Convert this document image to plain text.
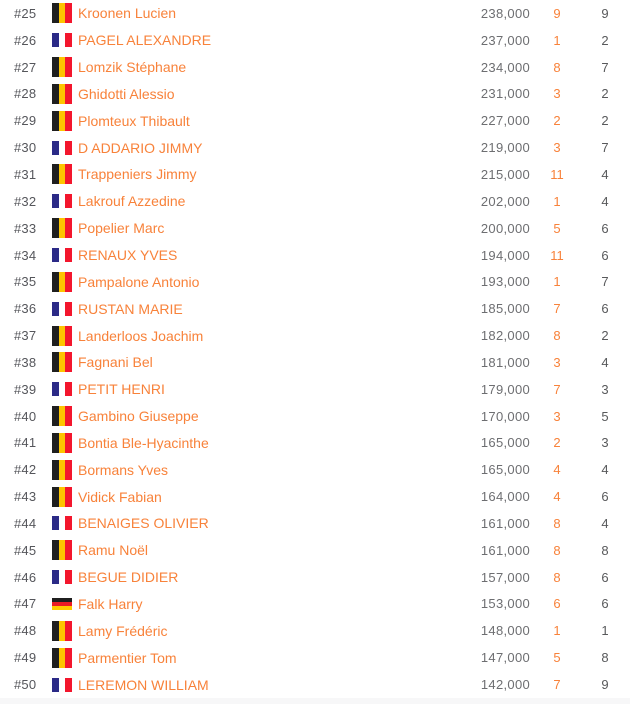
#25	Kroonen Lucien	238,000	9	9
#26	PAGEL ALEXANDRE	237,000	1	2
#27	Lomzik Stéphane	234,000	8	7
#28	Ghidotti Alessio	231,000	3	2
#29	Plomteux Thibault	227,000	2	2
#30	D ADDARIO JIMMY	219,000	3	7
#31	Trappeniers Jimmy	215,000	11	4
#32	Lakrouf Azzedine	202,000	1	4
#33	Popelier Marc	200,000	5	6
#34	RENAUX YVES	194,000	11	6
#35	Pampalone Antonio	193,000	1	7
#36	RUSTAN MARIE	185,000	7	6
#37	Landerloos Joachim	182,000	8	2
#38	Fagnani Bel	181,000	3	4
#39	PETIT HENRI	179,000	7	3
#40	Gambino Giuseppe	170,000	3	5
#41	Bontia Ble-Hyacinthe	165,000	2	3
#42	Bormans Yves	165,000	4	4
#43	Vidick Fabian	164,000	4	6
#44	BENAIGES OLIVIER	161,000	8	4
#45	Ramu Noël	161,000	8	8
#46	BEGUE DIDIER	157,000	8	6
#47	Falk Harry	153,000	6	6
#48	Lamy Frédéric	148,000	1	1
#49	Parmentier Tom	147,000	5	8
#50	LEREMON WILLIAM	142,000	7	9
